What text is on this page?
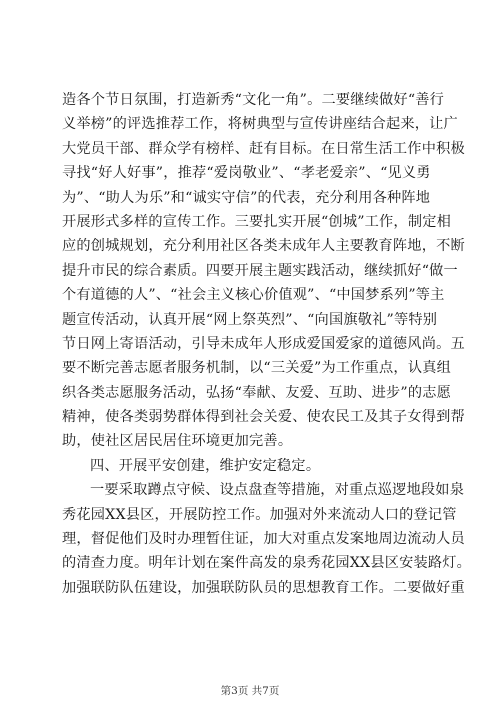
造各个节日氛围，打造新秀“文化一角”。二要继续做好“善行
义举榜”的评选推荐工作，将树典型与宣传讲座结合起来，让广
大党员干部、群众学有榜样、赶有目标。在日常生活工作中积极
寻找“好人好事”，推荐“爱岗敬业”、“孝老爱亲”、“见义勇
为”、“助人为乐”和“诚实守信”的代表，充分利用各种阵地
开展形式多样的宣传工作。三要扎实开展“创城”工作，制定相
应的创城规划，充分利用社区各类未成年人主要教育阵地，不断
提升市民的综合素质。四要开展主题实践活动，继续抓好“做一
个有道德的人”、“社会主义核心价值观”、“中国梦系列”等主
题宣传活动，认真开展“网上祭英烈”、“向国旗敬礼”等特别
节日网上寄语活动，引导未成年人形成爱国爱家的道德风尚。五
要不断完善志愿者服务机制，以“三关爱”为工作重点，认真组
织各类志愿服务活动，弘扬“奉献、友爱、互助、进步”的志愿
精神，使各类弱势群体得到社会关爱、使农民工及其子女得到帮
助，使社区居民居住环境更加完善。
四、开展平安创建，维护安定稳定。
一要采取蹲点守候、设点盘查等措施，对重点巡逻地段如泉
秀花园XX县区，开展防控工作。加强对外来流动人口的登记管
理，督促他们及时办理暂住证，加大对重点发案地周边流动人员
的清查力度。明年计划在案件高发的泉秀花园XX县区安装路灯。
加强联防队伍建设，加强联防队员的思想教育工作。二要做好重
第3页 共7页
